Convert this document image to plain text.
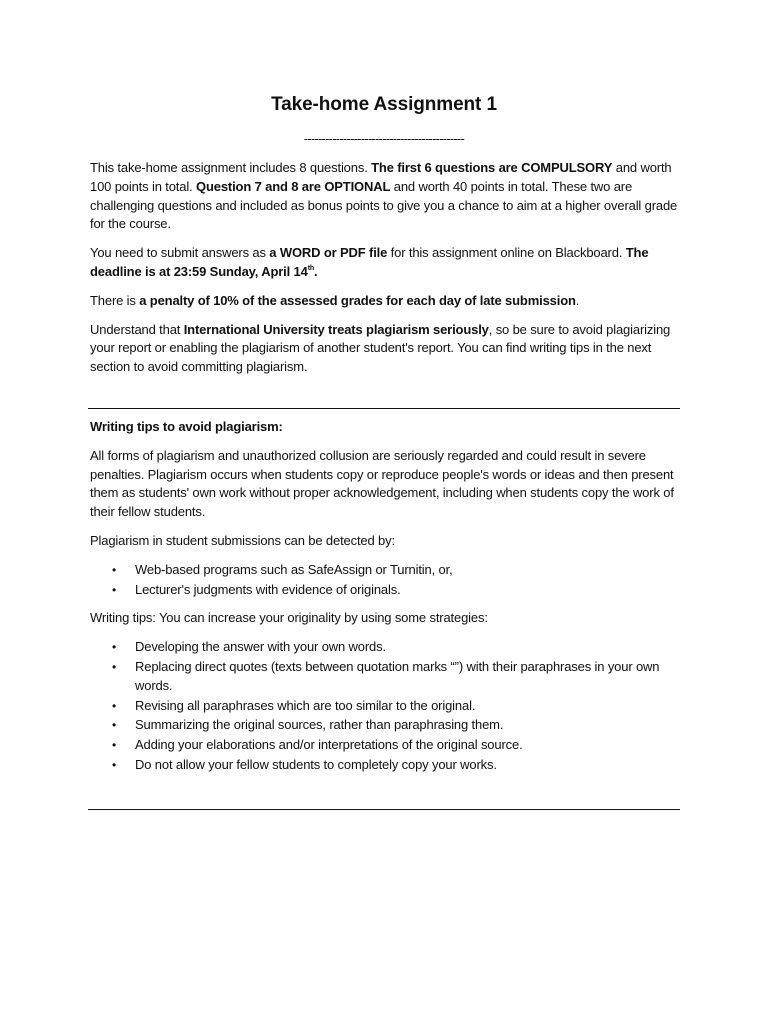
Take-home Assignment 1
---------------------------------------------

This take-home assignment includes 8 questions. The first 6 questions are COMPULSORY and worth 100 points in total. Question 7 and 8 are OPTIONAL and worth 40 points in total. These two are challenging questions and included as bonus points to give you a chance to aim at a higher overall grade for the course.

You need to submit answers as a WORD or PDF file for this assignment online on Blackboard. The deadline is at 23:59 Sunday, April 14th.

There is a penalty of 10% of the assessed grades for each day of late submission.

Understand that International University treats plagiarism seriously, so be sure to avoid plagiarizing your report or enabling the plagiarism of another student's report. You can find writing tips in the next section to avoid committing plagiarism.

Writing tips to avoid plagiarism:

All forms of plagiarism and unauthorized collusion are seriously regarded and could result in severe penalties. Plagiarism occurs when students copy or reproduce people's words or ideas and then present them as students' own work without proper acknowledgement, including when students copy the work of their fellow students.

Plagiarism in student submissions can be detected by:

• Web-based programs such as SafeAssign or Turnitin, or,
• Lecturer's judgments with evidence of originals.

Writing tips: You can increase your originality by using some strategies:

• Developing the answer with your own words.
• Replacing direct quotes (texts between quotation marks “”) with their paraphrases in your own words.
• Revising all paraphrases which are too similar to the original.
• Summarizing the original sources, rather than paraphrasing them.
• Adding your elaborations and/or interpretations of the original source.
• Do not allow your fellow students to completely copy your works.
